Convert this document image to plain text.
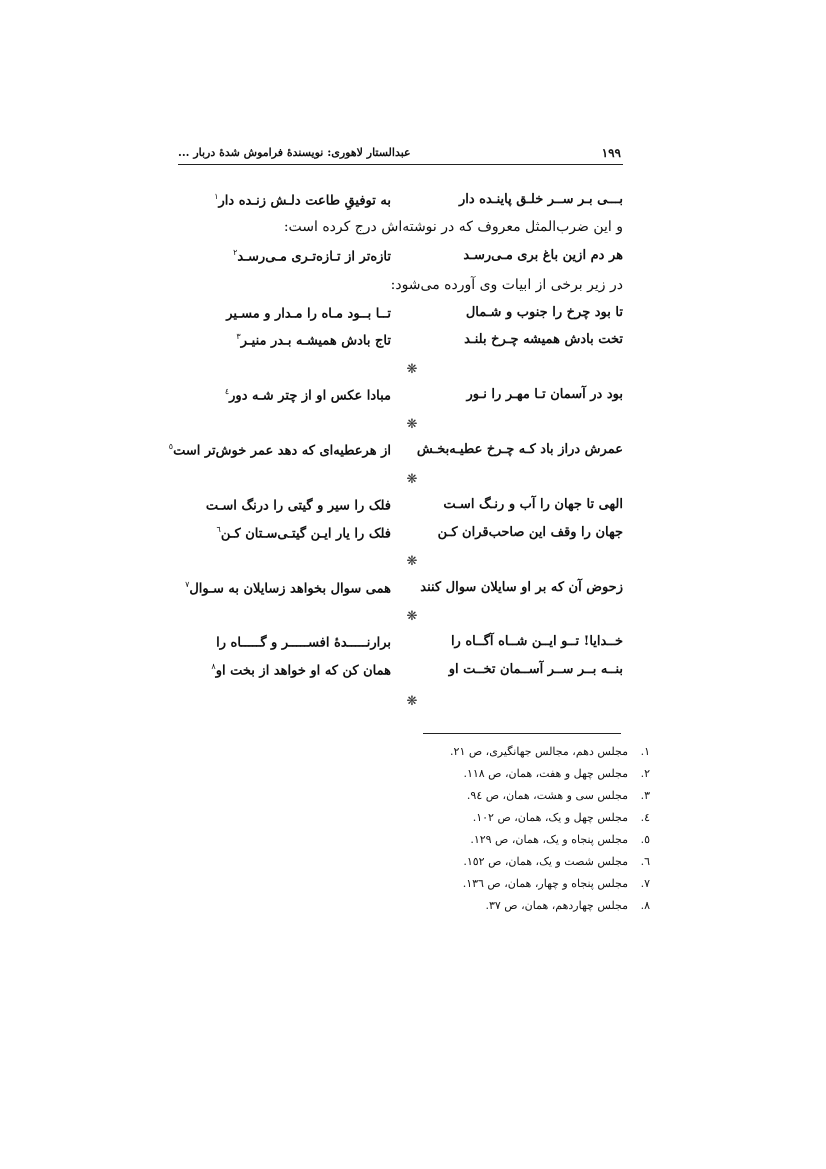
۱۹۹
عبدالستار لاهوری: نویسندۀ فراموش شدۀ دربار ...
بـــی بـر ســر خلـق پاینـده دار
به توفیقِ طاعت دلـش زنـده دار$^۱$
و این ضرب‌المثل معروف که در نوشته‌اش درج کرده است:
هر دم ازین باغ بری مـی‌رسـد
تازه‌تر از تـازه‌تـری مـی‌رسـد$^۲$
در زیر برخی از ابیات وی آورده می‌شود:
تا بود چرخ را جنوب و شـمال
تــا بــود مـاه را مـدار و مسـیر
تخت بادش همیشه چـرخ بلنـد
تاج بادش همیشـه بـدر منیـر$^۳$
❋
بود در آسمان تـا مهـر را نـور
مبادا عکس او از چتر شـه دور$^٤$
❋
عمرش دراز باد کـه چـرخ عطیـه‌بخـش
از هرعطیه‌ای که دهد عمر خوش‌تر است$^٥$
❋
الهی تا جهان را آب و رنـگ اسـت
فلک را سیر و گیتی را درنگ اسـت
جهان را وقف این صاحب‌قران کـن
فلک را یار ایـن گیتـی‌سـتان کـن$^٦$
❋
زحوض آن که بر او سایلان سوال کنند
همی سوال بخواهد زسایلان به سـوال$^۷$
❋
خــدایا! تــو ایــن شــاه آگــاه را
برارنـــــدۀ افســـــر و گـــــاه را
بنــه بــر ســر آســمان تخــت او
همان کن که او خواهد از بخت او$^۸$
❋
۱.مجلس دهم، مجالس جهانگیری، ص ۲۱.
۲.مجلس چهل و هفت، همان، ص ۱۱۸.
۳.مجلس سی و هشت، همان، ص ۹٤.
٤.مجلس چهل و یک، همان، ص ۱۰۲.
٥.مجلس پنجاه و یک، همان، ص ۱۲۹.
٦.مجلس شصت و یک، همان، ص ۱٥۲.
۷.مجلس پنجاه و چهار، همان، ص ۱۳٦.
۸.مجلس چهاردهم، همان، ص ۳۷.
